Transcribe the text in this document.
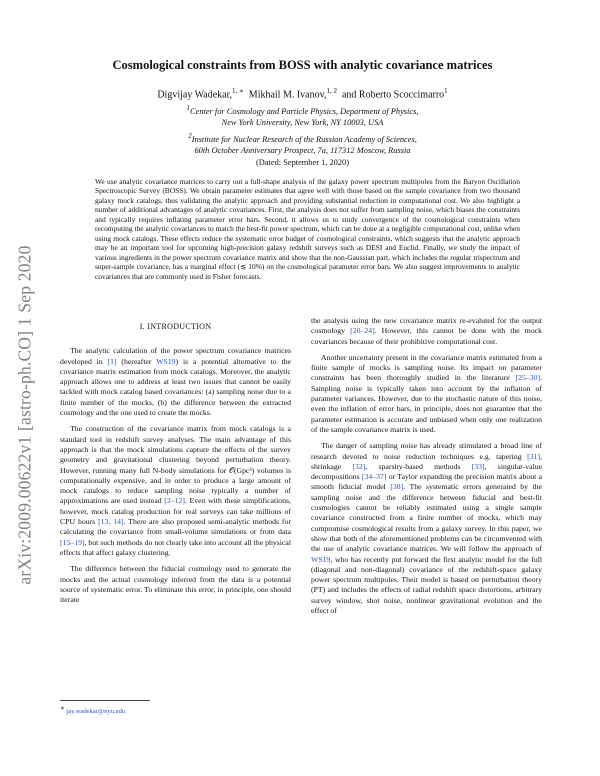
arXiv:2009.00622v1 [astro-ph.CO] 1 Sep 2020
Cosmological constraints from BOSS with analytic covariance matrices
Digvijay Wadekar,$^{1, ∗}$ Mikhail M. Ivanov,$^{1, 2}$ and Roberto Scoccimarro$^1$
$^1$Center for Cosmology and Particle Physics, Department of Physics,
New York University, New York, NY 10003, USA
$^2$Institute for Nuclear Research of the Russian Academy of Sciences,
60th October Anniversary Prospect, 7a, 117312 Moscow, Russia
(Dated: September 1, 2020)
We use analytic covariance matrices to carry out a full-shape analysis of the galaxy power spectrum multipoles from the Baryon Oscillation Spectroscopic Survey (BOSS). We obtain parameter estimates that agree well with those based on the sample covariance from two thousand galaxy mock catalogs, thus validating the analytic approach and providing substantial reduction in computational cost. We also highlight a number of additional advantages of analytic covariances. First, the analysis does not suffer from sampling noise, which biases the constraints and typically requires inflating parameter error bars. Second, it allows us to study convergence of the cosmological constraints when recomputing the analytic covariances to match the best-fit power spectrum, which can be done at a negligible computational cost, unlike when using mock catalogs. These effects reduce the systematic error budget of cosmological constraints, which suggests that the analytic approach may be an important tool for upcoming high-precision galaxy redshift surveys such as DESI and Euclid. Finally, we study the impact of various ingredients in the power spectrum covariance matrix and show that the non-Gaussian part, which includes the regular trispectrum and super-sample covariance, has a marginal effect (≲ 10%) on the cosmological parameter error bars. We also suggest improvements to analytic covariances that are commonly used in Fisher forecasts.
I. INTRODUCTION

The analytic calculation of the power spectrum covariance matrices developed in [1] (hereafter WS19) is a potential alternative to the covariance matrix estimation from mock catalogs. Moreover, the analytic approach allows one to address at least two issues that cannot be easily tackled with mock catalog based covariances: (a) sampling noise due to a finite number of the mocks, (b) the difference between the extracted cosmology and the one used to create the mocks.

The construction of the covariance matrix from mock catalogs is a standard tool in redshift survey analyses. The main advantage of this approach is that the mock simulations capture the effects of the survey geometry and gravitational clustering beyond perturbation theory. However, running many full N-body simulations for 𝒪(Gpc³) volumes is computationally expensive, and in order to produce a large amount of mock catalogs to reduce sampling noise typically a number of approximations are used instead [2–12]. Even with these simplifications, however, mock catalog production for real surveys can take millions of CPU hours [13, 14]. There are also proposed semi-analytic methods for calculating the covariance from small-volume simulations or from data [15–19], but such methods do not clearly take into account all the physical effects that affect galaxy clustering.

The difference between the fiducial cosmology used to generate the mocks and the actual cosmology inferred from the data is a potential source of systematic error. To eliminate this error, in principle, one should iterate

the analysis using the new covariance matrix re-evaluted for the output cosmology [20–24]. However, this cannot be done with the mock covariances because of their prohibitive computational cost.

Another uncertainty present in the covariance matrix estimated from a finite sample of mocks is sampling noise. Its impact on parameter constraints has been thoroughly studied in the literature [25–30]. Sampling noise is typically taken into account by the inflation of parameter variances. However, due to the stochastic nature of this noise, even the inflation of error bars, in principle, does not guarantee that the parameter estimation is accurate and unbiased when only one realization of the sample covariance matrix is used.

The danger of sampling noise has already stimulated a broad line of research devoted to noise reduction techniques e.g. tapering [31], shrinkage [32], sparsity-based methods [33], singular-value decompositions [34–37] or Taylor expanding the precision matrix about a smooth fiducial model [38]. The systematic errors generated by the sampling noise and the difference between fiducial and best-fit cosmologies cannot be reliably estimated using a single sample covariance constructed from a finite number of mocks, which may compromise cosmological results from a galaxy survey. In this paper, we show that both of the aforementioned problems can be circumvented with the use of analytic covariance matrices. We will follow the approach of WS19, who has recently put forward the first analytic model for the full (diagonal and non-diagonal) covariance of the redshift-space galaxy power spectrum multipoles. Their model is based on perturbation theory (PT) and includes the effects of radial redshift space distortions, arbitrary survey window, shot noise, nonlinear gravitational evolution and the effect of

∗ jay.wadekar@nyu.edu
